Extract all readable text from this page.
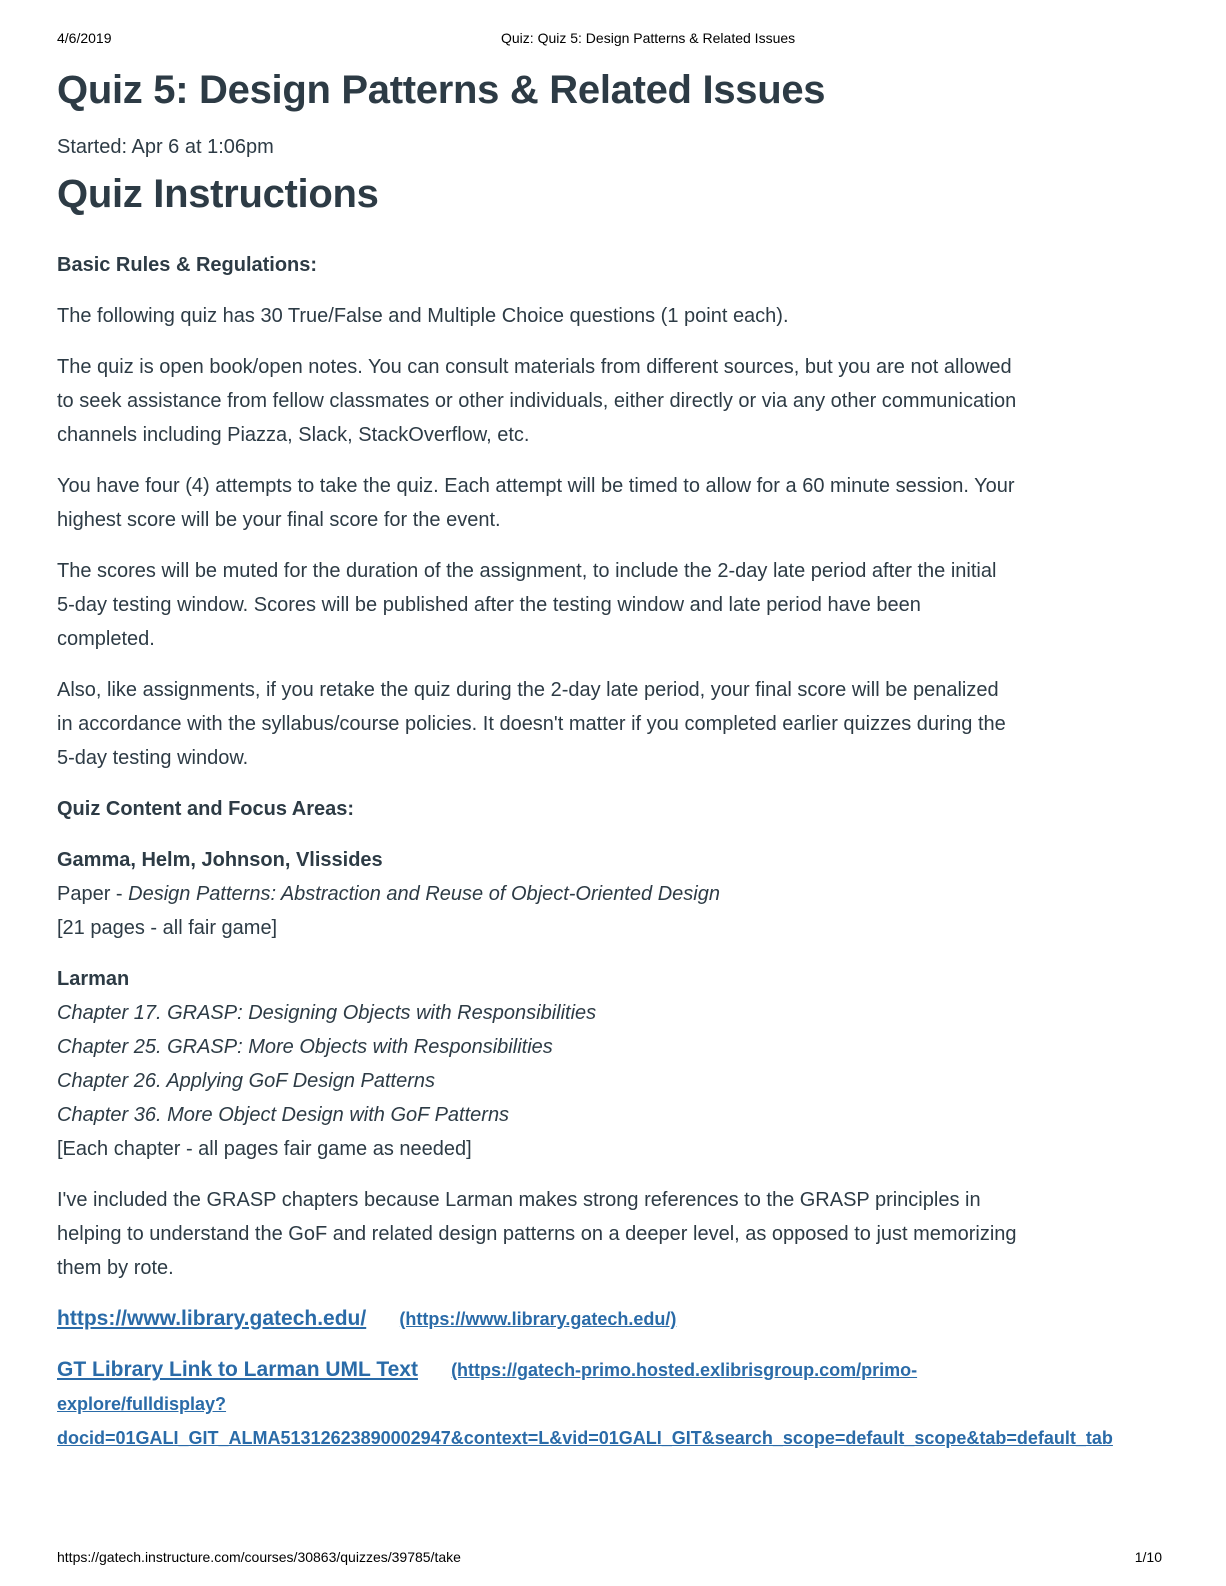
4/6/2019	Quiz: Quiz 5: Design Patterns & Related Issues
Quiz 5: Design Patterns & Related Issues
Started: Apr 6 at 1:06pm
Quiz Instructions

Basic Rules & Regulations:

The following quiz has 30 True/False and Multiple Choice questions (1 point each).

The quiz is open book/open notes. You can consult materials from different sources, but you are not allowed

to seek assistance from fellow classmates or other individuals, either directly or via any other communication

channels including Piazza, Slack, StackOverflow, etc.

You have four (4) attempts to take the quiz. Each attempt will be timed to allow for a 60 minute session. Your

highest score will be your final score for the event.

The scores will be muted for the duration of the assignment, to include the 2-day late period after the initial

5-day testing window. Scores will be published after the testing window and late period have been

completed.

Also, like assignments, if you retake the quiz during the 2-day late period, your final score will be penalized

in accordance with the syllabus/course policies. It doesn't matter if you completed earlier quizzes during the

5-day testing window.

Quiz Content and Focus Areas:

Gamma, Helm, Johnson, Vlissides

Paper - Design Patterns: Abstraction and Reuse of Object-Oriented Design

[21 pages - all fair game]

Larman

Chapter 17. GRASP: Designing Objects with Responsibilities

Chapter 25. GRASP: More Objects with Responsibilities

Chapter 26. Applying GoF Design Patterns

Chapter 36. More Object Design with GoF Patterns

[Each chapter - all pages fair game as needed]

I've included the GRASP chapters because Larman makes strong references to the GRASP principles in

helping to understand the GoF and related design patterns on a deeper level, as opposed to just memorizing

them by rote.

https://www.library.gatech.edu/ (https://www.library.gatech.edu/)

GT Library Link to Larman UML Text (https://gatech-primo.hosted.exlibrisgroup.com/primo-

explore/fulldisplay?

docid=01GALI_GIT_ALMA51312623890002947&context=L&vid=01GALI_GIT&search_scope=default_scope&tab=default_tab

https://gatech.instructure.com/courses/30863/quizzes/39785/take	1/10
